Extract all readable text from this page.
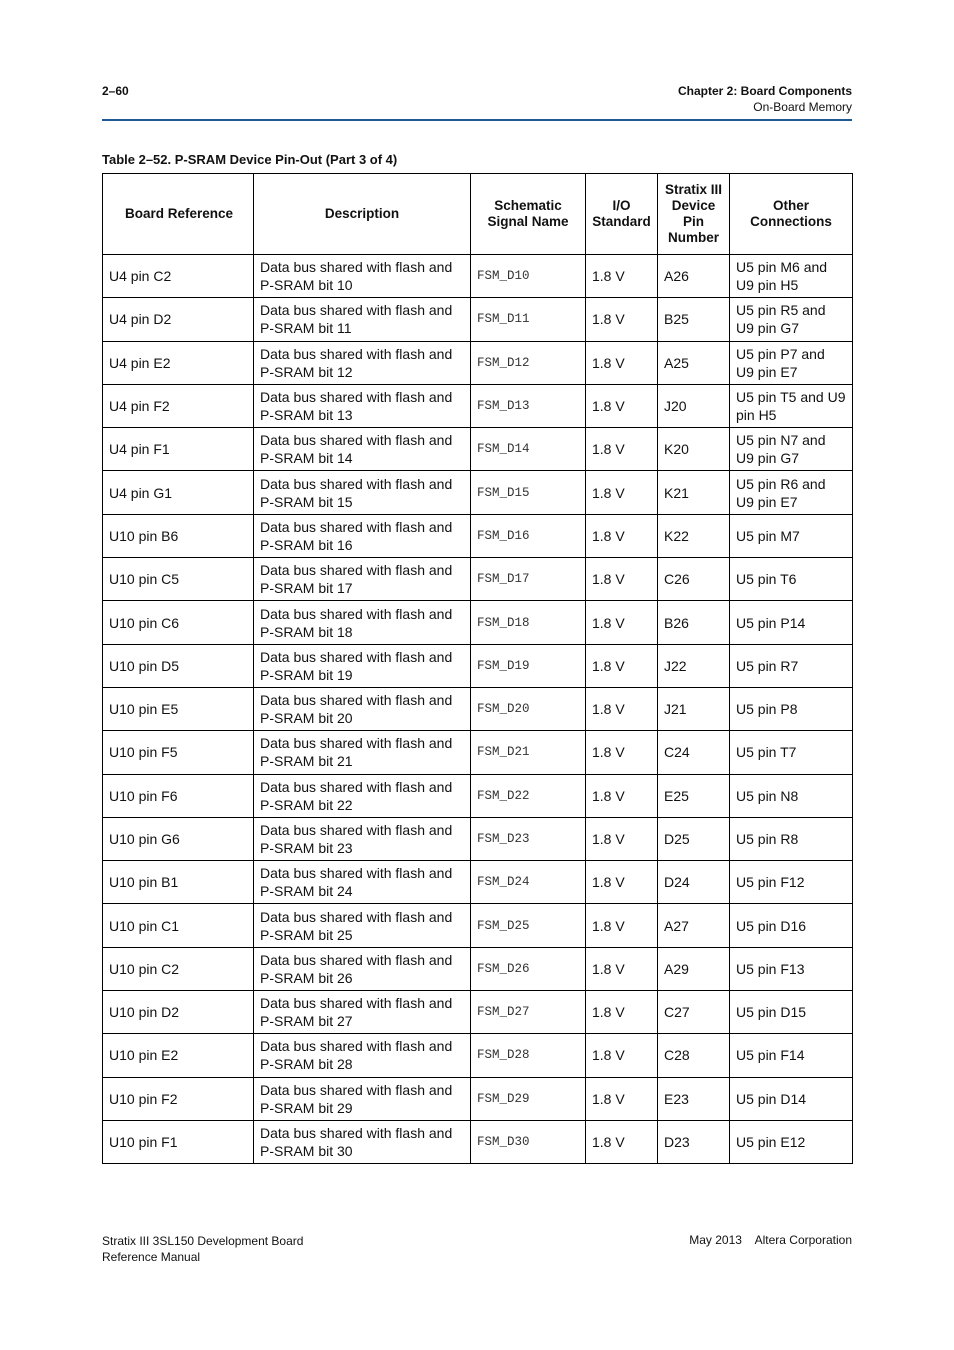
2–60	Chapter 2: Board Components
On-Board Memory
Table 2–52. P-SRAM Device Pin-Out (Part 3 of 4)
Board Reference	Description	Schematic Signal Name	I/O Standard	Stratix III Device Pin Number	Other Connections
U4 pin C2	Data bus shared with flash and P-SRAM bit 10	FSM_D10	1.8 V	A26	U5 pin M6 and U9 pin H5
U4 pin D2	Data bus shared with flash and P-SRAM bit 11	FSM_D11	1.8 V	B25	U5 pin R5 and U9 pin G7
U4 pin E2	Data bus shared with flash and P-SRAM bit 12	FSM_D12	1.8 V	A25	U5 pin P7 and U9 pin E7
U4 pin F2	Data bus shared with flash and P-SRAM bit 13	FSM_D13	1.8 V	J20	U5 pin T5 and U9 pin H5
U4 pin F1	Data bus shared with flash and P-SRAM bit 14	FSM_D14	1.8 V	K20	U5 pin N7 and U9 pin G7
U4 pin G1	Data bus shared with flash and P-SRAM bit 15	FSM_D15	1.8 V	K21	U5 pin R6 and U9 pin E7
U10 pin B6	Data bus shared with flash and P-SRAM bit 16	FSM_D16	1.8 V	K22	U5 pin M7
U10 pin C5	Data bus shared with flash and P-SRAM bit 17	FSM_D17	1.8 V	C26	U5 pin T6
U10 pin C6	Data bus shared with flash and P-SRAM bit 18	FSM_D18	1.8 V	B26	U5 pin P14
U10 pin D5	Data bus shared with flash and P-SRAM bit 19	FSM_D19	1.8 V	J22	U5 pin R7
U10 pin E5	Data bus shared with flash and P-SRAM bit 20	FSM_D20	1.8 V	J21	U5 pin P8
U10 pin F5	Data bus shared with flash and P-SRAM bit 21	FSM_D21	1.8 V	C24	U5 pin T7
U10 pin F6	Data bus shared with flash and P-SRAM bit 22	FSM_D22	1.8 V	E25	U5 pin N8
U10 pin G6	Data bus shared with flash and P-SRAM bit 23	FSM_D23	1.8 V	D25	U5 pin R8
U10 pin B1	Data bus shared with flash and P-SRAM bit 24	FSM_D24	1.8 V	D24	U5 pin F12
U10 pin C1	Data bus shared with flash and P-SRAM bit 25	FSM_D25	1.8 V	A27	U5 pin D16
U10 pin C2	Data bus shared with flash and P-SRAM bit 26	FSM_D26	1.8 V	A29	U5 pin F13
U10 pin D2	Data bus shared with flash and P-SRAM bit 27	FSM_D27	1.8 V	C27	U5 pin D15
U10 pin E2	Data bus shared with flash and P-SRAM bit 28	FSM_D28	1.8 V	C28	U5 pin F14
U10 pin F2	Data bus shared with flash and P-SRAM bit 29	FSM_D29	1.8 V	E23	U5 pin D14
U10 pin F1	Data bus shared with flash and P-SRAM bit 30	FSM_D30	1.8 V	D23	U5 pin E12
Stratix III 3SL150 Development Board
Reference Manual
May 2013    Altera Corporation
